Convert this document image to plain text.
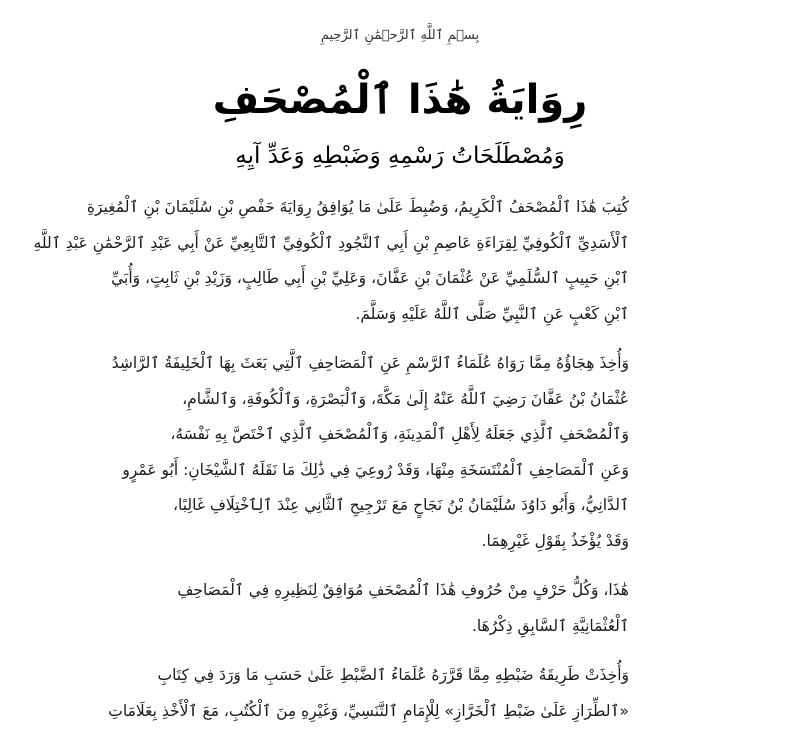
بِسۡمِ ٱللَّهِ ٱلرَّحۡمَٰنِ ٱلرَّحِيمِ
رِوَايَةُ هَٰذَا ٱلْمُصْحَفِ
وَمُصْطَلَحَاتُ رَسْمِهِ وَضَبْطِهِ وَعَدِّ آيِهِ
كُتِبَ هَٰذَا ٱلْمُصْحَفُ ٱلْكَرِيمُ، وَضُبِطَ عَلَىٰ مَا يُوَافِقُ رِوَايَةَ حَفْصِ بْنِ سُلَيْمَانَ بْنِ ٱلْمُغِيرَةِ
ٱلْأَسَدِيِّ ٱلْكُوفِيِّ لِقِرَاءَةِ عَاصِمِ بْنِ أَبِي ٱلنَّجُودِ ٱلْكُوفِيِّ ٱلتَّابِعِيِّ عَنْ أَبِي عَبْدِ ٱلرَّحْمَٰنِ عَبْدِ ٱللَّهِ
ٱبْنِ حَبِيبٍ ٱلسُّلَمِيِّ عَنْ عُثْمَانَ بْنِ عَفَّانَ، وَعَلِيِّ بْنِ أَبِي طَالِبٍ، وَزَيْدِ بْنِ ثَابِتٍ، وَأُبَيِّ
ٱبْنِ كَعْبٍ عَنِ ٱلنَّبِيِّ صَلَّى ٱللَّهُ عَلَيْهِ وَسَلَّمَ.
وَأُخِذَ هِجَاؤُهُ مِمَّا رَوَاهُ عُلَمَاءُ ٱلرَّسْمِ عَنِ ٱلْمَصَاحِفِ ٱلَّتِي بَعَثَ بِهَا ٱلْخَلِيفَةُ ٱلرَّاشِدُ
عُثْمَانُ بْنُ عَفَّانَ رَضِيَ ٱللَّهُ عَنْهُ إِلَىٰ مَكَّةَ، وَٱلْبَصْرَةِ، وَٱلْكُوفَةِ، وَٱلشَّامِ،
وَٱلْمُصْحَفِ ٱلَّذِي جَعَلَهُ لِأَهْلِ ٱلْمَدِينَةِ، وَٱلْمُصْحَفِ ٱلَّذِي ٱخْتَصَّ بِهِ نَفْسَهُ،
وَعَنِ ٱلْمَصَاحِفِ ٱلْمُنْتَسَخَةِ مِنْهَا، وَقَدْ رُوعِيَ فِي ذَٰلِكَ مَا نَقَلَهُ ٱلشَّيْخَانِ: أَبُو عَمْرٍو
ٱلدَّانِيُّ، وَأَبُو دَاوُدَ سُلَيْمَانُ بْنُ نَجَاحٍ مَعَ تَرْجِيحِ ٱلثَّانِي عِنْدَ ٱلِٱخْتِلَافِ غَالِبًا،
وَقَدْ يُؤْخَذُ بِقَوْلِ غَيْرِهِمَا.
هَٰذَا، وَكُلُّ حَرْفٍ مِنْ حُرُوفِ هَٰذَا ٱلْمُصْحَفِ مُوَافِقٌ لِنَظِيرِهِ فِي ٱلْمَصَاحِفِ
ٱلْعُثْمَانِيَّةِ ٱلسَّابِقِ ذِكْرُهَا.
وَأُخِذَتْ طَرِيقَةُ ضَبْطِهِ مِمَّا قَرَّرَهُ عُلَمَاءُ ٱلضَّبْطِ عَلَىٰ حَسَبِ مَا وَرَدَ فِي كِتَابِ
«ٱلطِّرَازِ عَلَىٰ ضَبْطِ ٱلْخَرَّازِ» لِلْإِمَامِ ٱلتَّنَسِيِّ، وَغَيْرِهِ مِنَ ٱلْكُتُبِ، مَعَ ٱلْأَخْذِ بِعَلَامَاتِ
